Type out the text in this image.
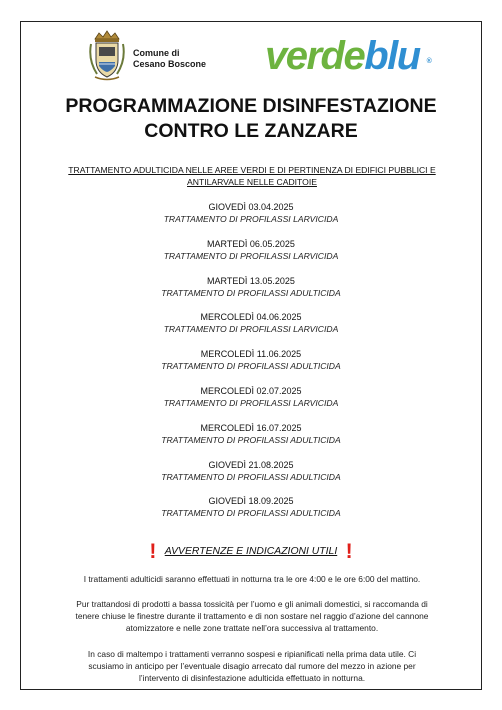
Comune di
Cesano Boscone verdeblu ®
PROGRAMMAZIONE DISINFESTAZIONE
CONTRO LE ZANZARE
TRATTAMENTO ADULTICIDA NELLE AREE VERDI E DI PERTINENZA DI EDIFICI PUBBLICI E
ANTILARVALE NELLE CADITOIE
GIOVEDÌ 03.04.2025
TRATTAMENTO DI PROFILASSI LARVICIDA
MARTEDÌ 06.05.2025
TRATTAMENTO DI PROFILASSI LARVICIDA
MARTEDÌ 13.05.2025
TRATTAMENTO DI PROFILASSI ADULTICIDA
MERCOLEDÌ 04.06.2025
TRATTAMENTO DI PROFILASSI LARVICIDA
MERCOLEDÌ 11.06.2025
TRATTAMENTO DI PROFILASSI ADULTICIDA
MERCOLEDÌ 02.07.2025
TRATTAMENTO DI PROFILASSI LARVICIDA
MERCOLEDÌ 16.07.2025
TRATTAMENTO DI PROFILASSI ADULTICIDA
GIOVEDÌ 21.08.2025
TRATTAMENTO DI PROFILASSI ADULTICIDA
GIOVEDÌ 18.09.2025
TRATTAMENTO DI PROFILASSI ADULTICIDA
! AVVERTENZE E INDICAZIONI UTILI !
I trattamenti adulticidi saranno effettuati in notturna tra le ore 4:00 e le ore 6:00 del mattino.
Pur trattandosi di prodotti a bassa tossicità per l’uomo e gli animali domestici, si raccomanda di
tenere chiuse le finestre durante il trattamento e di non sostare nel raggio d’azione del cannone
atomizzatore e nelle zone trattate nell’ora successiva al trattamento.
In caso di maltempo i trattamenti verranno sospesi e ripianificati nella prima data utile. Ci
scusiamo in anticipo per l’eventuale disagio arrecato dal rumore del mezzo in azione per
l’intervento di disinfestazione adulticida effettuato in notturna.
